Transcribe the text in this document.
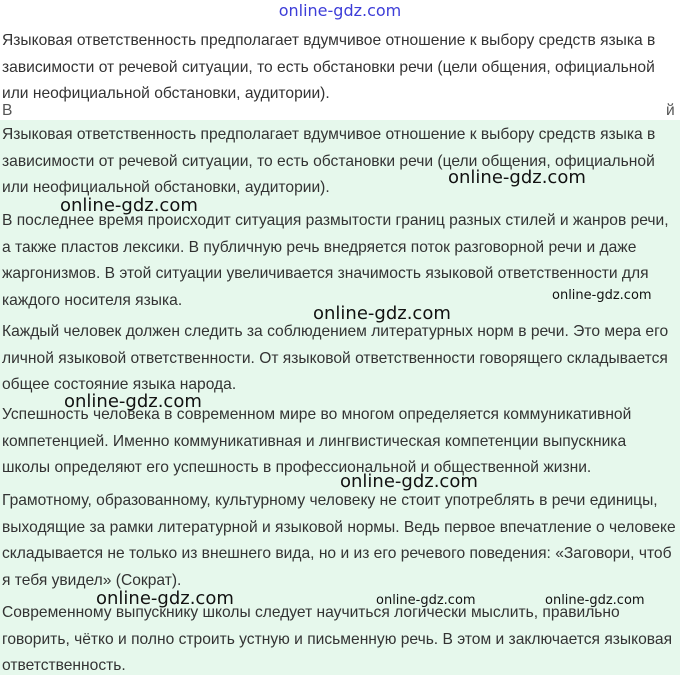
online-gdz.com

Языковая ответственность предполагает вдумчивое отношение к выбору средств языка в зависимости от речевой ситуации, то есть обстановки речи (цели общения, официальной или неофициальной обстановки, аудитории).

В	й

Языковая ответственность предполагает вдумчивое отношение к выбору средств языка в зависимости от речевой ситуации, то есть обстановки речи (цели общения, официальной или неофициальной обстановки, аудитории).

В последнее время происходит ситуация размытости границ разных стилей и жанров речи, а также пластов лексики. В публичную речь внедряется поток разговорной речи и даже жаргонизмов. В этой ситуации увеличивается значимость языковой ответственности для каждого носителя языка.

Каждый человек должен следить за соблюдением литературных норм в речи. Это мера его личной языковой ответственности. От языковой ответственности говорящего складывается общее состояние языка народа.

Успешность человека в современном мире во многом определяется коммуникативной компетенцией. Именно коммуникативная и лингвистическая компетенции выпускника школы определяют его успешность в профессиональной и общественной жизни.

Грамотному, образованному, культурному человеку не стоит употреблять в речи единицы, выходящие за рамки литературной и языковой нормы. Ведь первое впечатление о человеке складывается не только из внешнего вида, но и из его речевого поведения: «Заговори, чтоб я тебя увидел» (Сократ).

Современному выпускнику школы следует научиться логически мыслить, правильно говорить, чётко и полно строить устную и письменную речь. В этом и заключается языковая ответственность.

online-gdz.com
online-gdz.com
online-gdz.com
online-gdz.com
online-gdz.com
online-gdz.com
online-gdz.com	online-gdz.com	online-gdz.com
